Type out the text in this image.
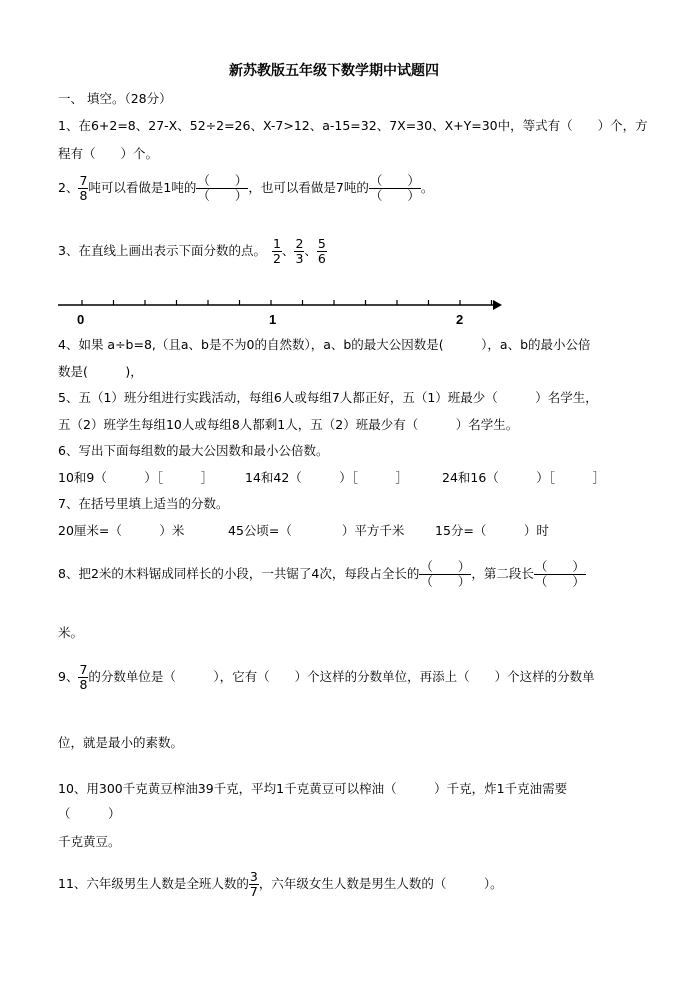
新苏教版五年级下数学期中试题四
一、 填空。（28分）
1、在6+2=8、27-X、52÷2=26、X-7>12、a-15=32、7X=30、X+Y=30中，等式有（　　）个，方
程有（　　）个。
2、 $\frac{7}{8}$ 吨可以看做是1吨的 $\frac{( )}{( )}$ ，也可以看做是7吨的 $\frac{( )}{( )}$ 。
3、在直线上画出表示下面分数的点。 $\frac{1}{2}$ 、 $\frac{2}{3}$ 、 $\frac{5}{6}$
0	1	2
4、如果 a÷b=8,（且a、b是不为0的自然数），a、b的最大公因数是(　　　），a、b的最小公倍
数是(　　　)，
5、五（1）班分组进行实践活动，每组6人或每组7人都正好，五（1）班最少（　　　）名学生，
五（2）班学生每组10人或每组8人都剩1人，五（2）班最少有（　　　）名学生。
6、写出下面每组数的最大公因数和最小公倍数。
10和9（　　　）［　　　］	14和42（　　　）［　　　］	24和16（　　　）［　　　］
7、在括号里填上适当的分数。
20厘米=（　　　）米	45公顷=（　　　　）平方千米 15分=（　　　）时
8、把2米的木料锯成同样长的小段，一共锯了4次，每段占全长的 $\frac{( )}{( )}$ ，第二段长 $\frac{( )}{( )}$
米。
9、 $\frac{7}{8}$ 的分数单位是（　　　），它有（　　）个这样的分数单位，再添上（　　）个这样的分数单
位，就是最小的素数。
10、用300千克黄豆榨油39千克，平均1千克黄豆可以榨油（　　　）千克，炸1千克油需要
（　　　）
千克黄豆。
11、六年级男生人数是全班人数的 $\frac{3}{7}$ ，六年级女生人数是男生人数的（　　　）。
